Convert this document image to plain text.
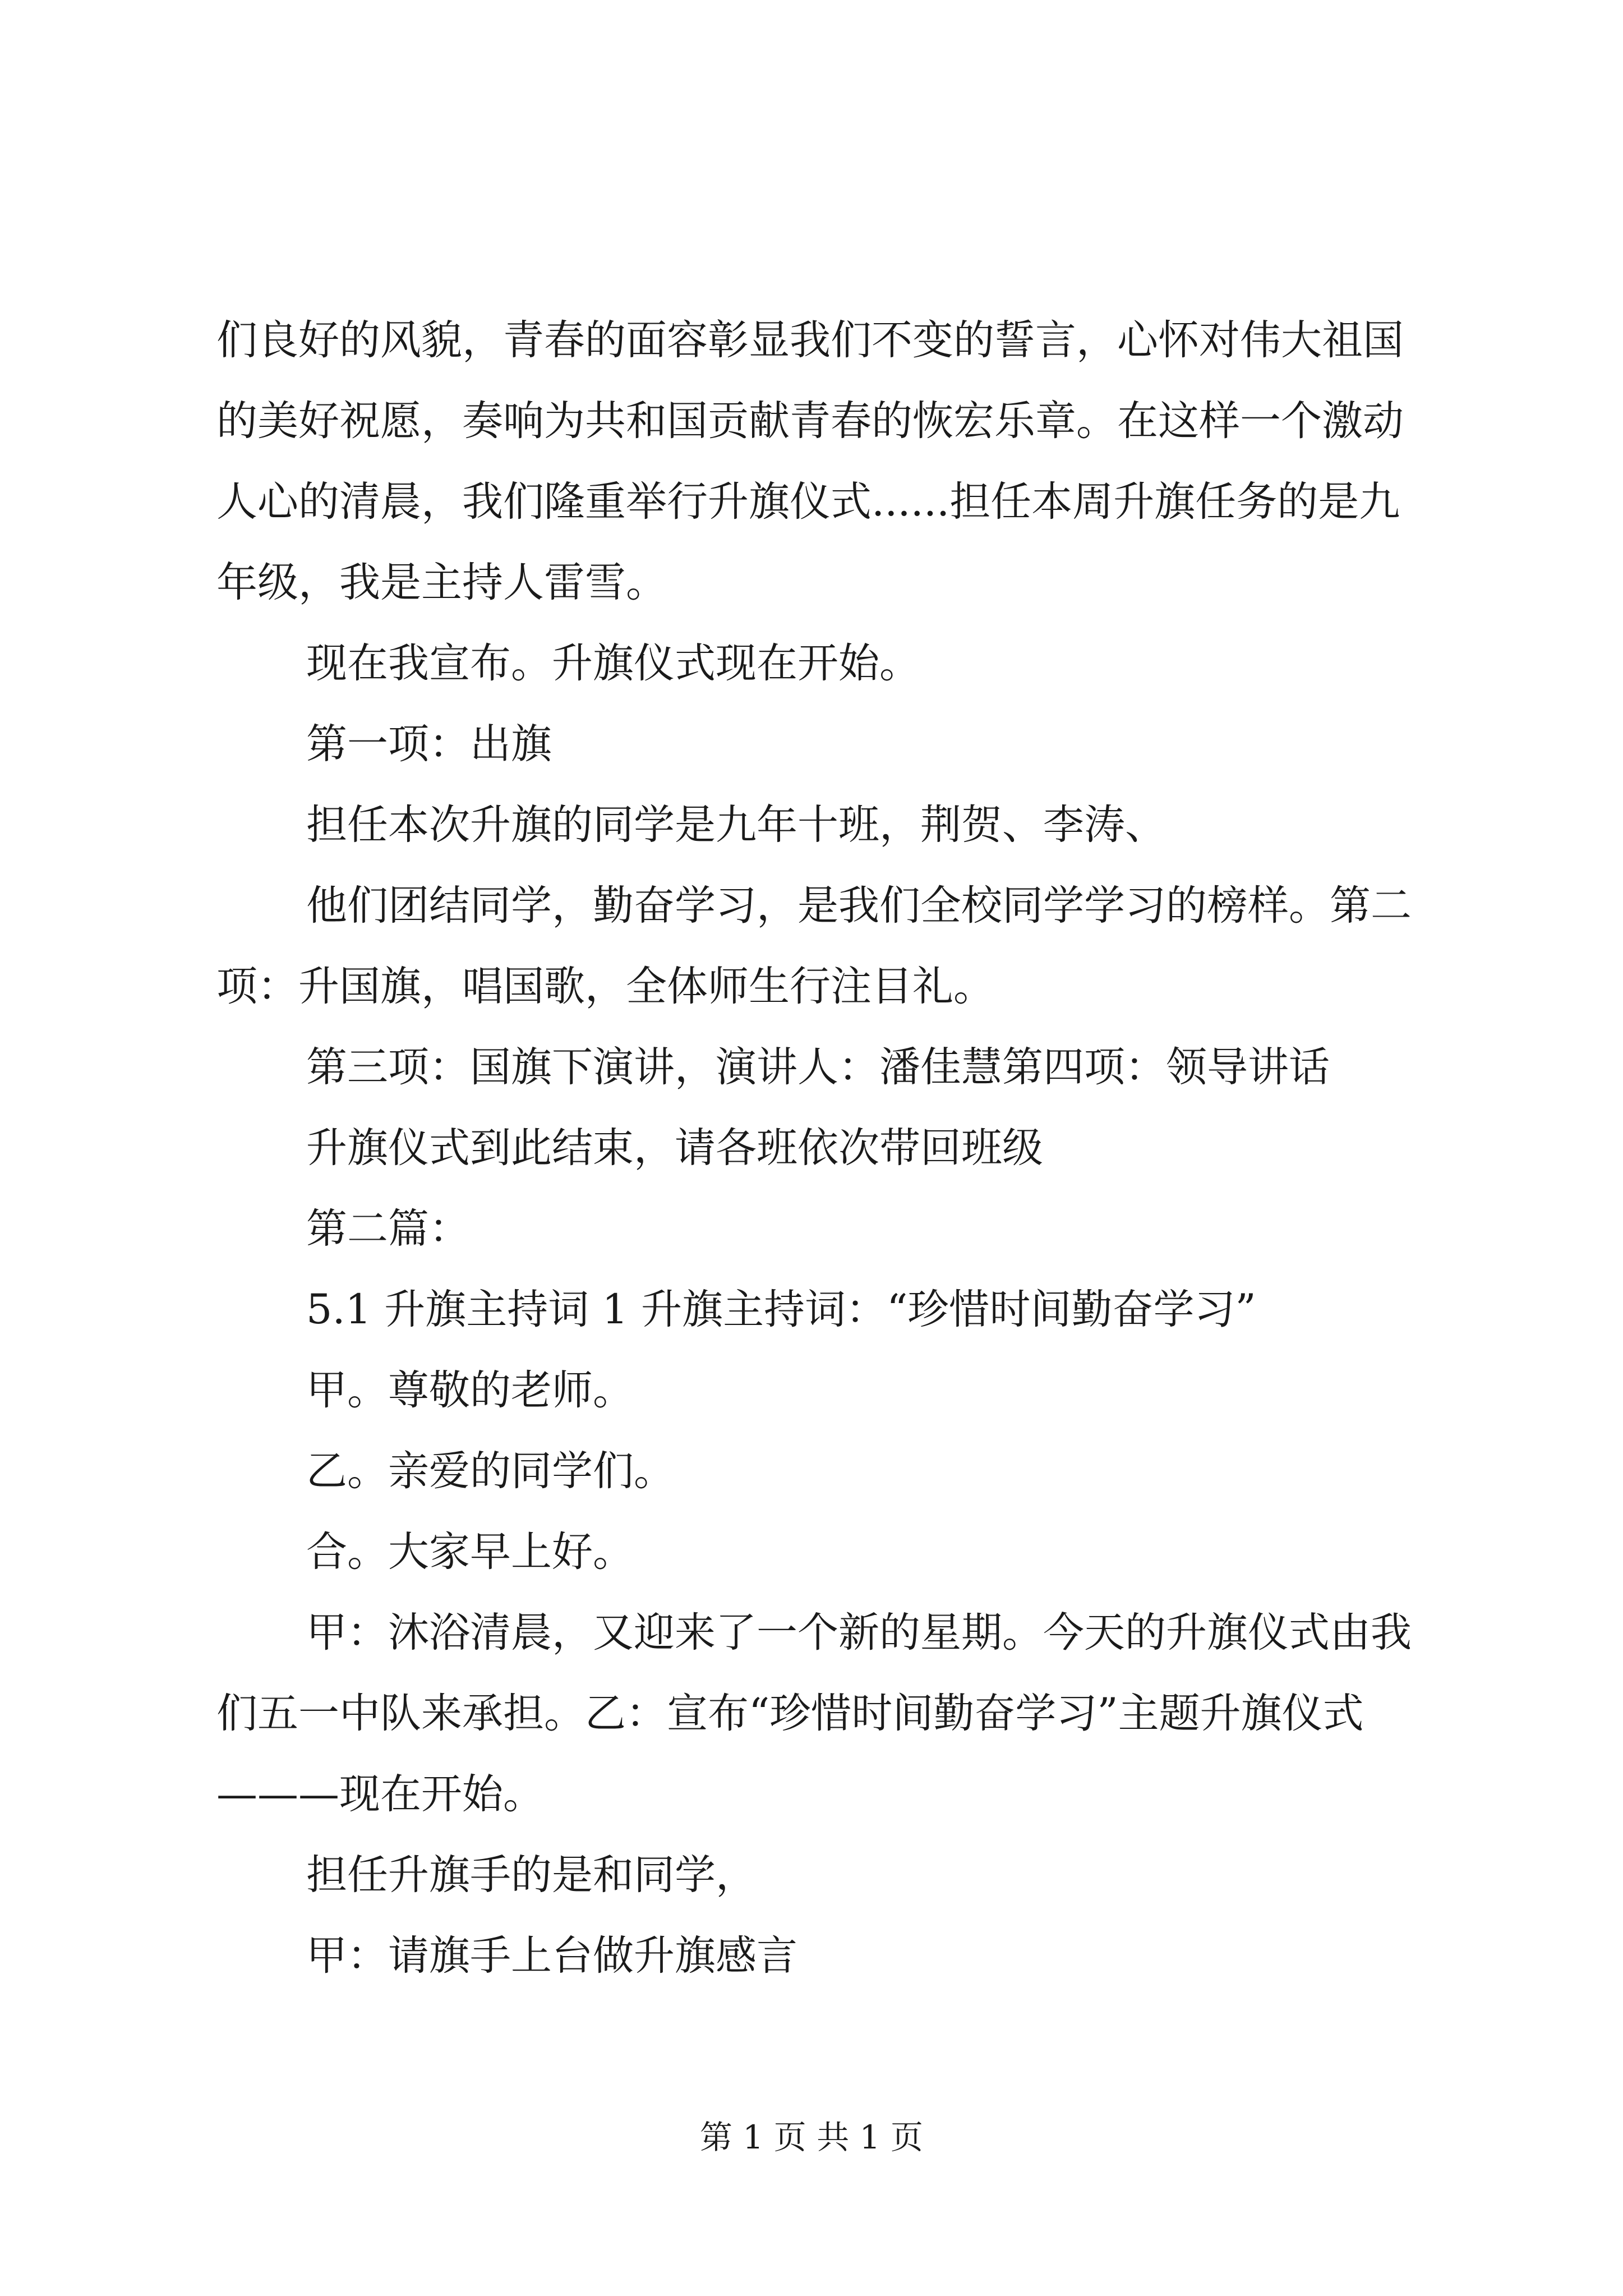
们良好的风貌，青春的面容彰显我们不变的誓言，心怀对伟大祖国的美好祝愿，奏响为共和国贡献青春的恢宏乐章。在这样一个激动人心的清晨，我们隆重举行升旗仪式......担任本周升旗任务的是九年级，我是主持人雷雪。

现在我宣布。升旗仪式现在开始。

第一项：出旗

担任本次升旗的同学是九年十班，荆贺、李涛、

他们团结同学，勤奋学习，是我们全校同学学习的榜样。第二项：升国旗，唱国歌，全体师生行注目礼。

第三项：国旗下演讲，演讲人：潘佳慧第四项：领导讲话

升旗仪式到此结束，请各班依次带回班级

第二篇：

5.1 升旗主持词 1 升旗主持词：“珍惜时间勤奋学习”

甲。尊敬的老师。

乙。亲爱的同学们。

合。大家早上好。

甲：沐浴清晨，又迎来了一个新的星期。今天的升旗仪式由我们五一中队来承担。乙：宣布“珍惜时间勤奋学习”主题升旗仪式———现在开始。

担任升旗手的是和同学，

甲：请旗手上台做升旗感言

第 1 页 共 1 页
